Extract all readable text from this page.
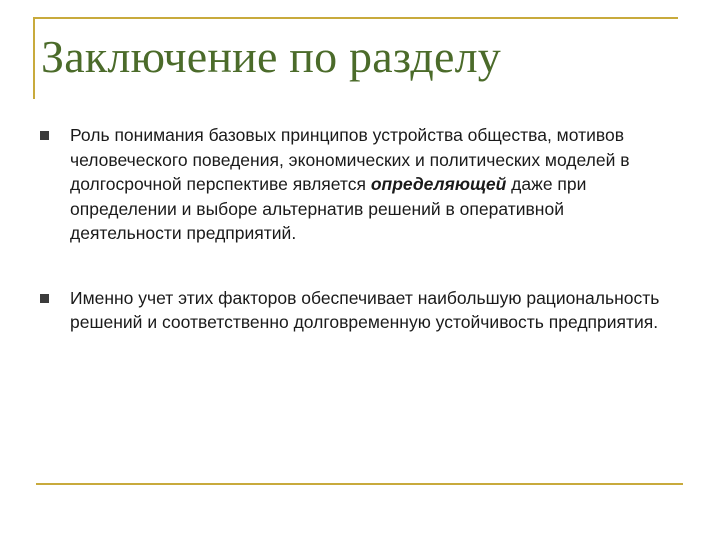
Заключение по разделу
Роль понимания базовых принципов устройства общества, мотивов человеческого поведения, экономических и политических моделей в долгосрочной перспективе является определяющей даже при определении и выборе альтернатив решений в оперативной деятельности предприятий.
Именно учет этих факторов обеспечивает наибольшую рациональность решений и соответственно долговременную устойчивость предприятия.
